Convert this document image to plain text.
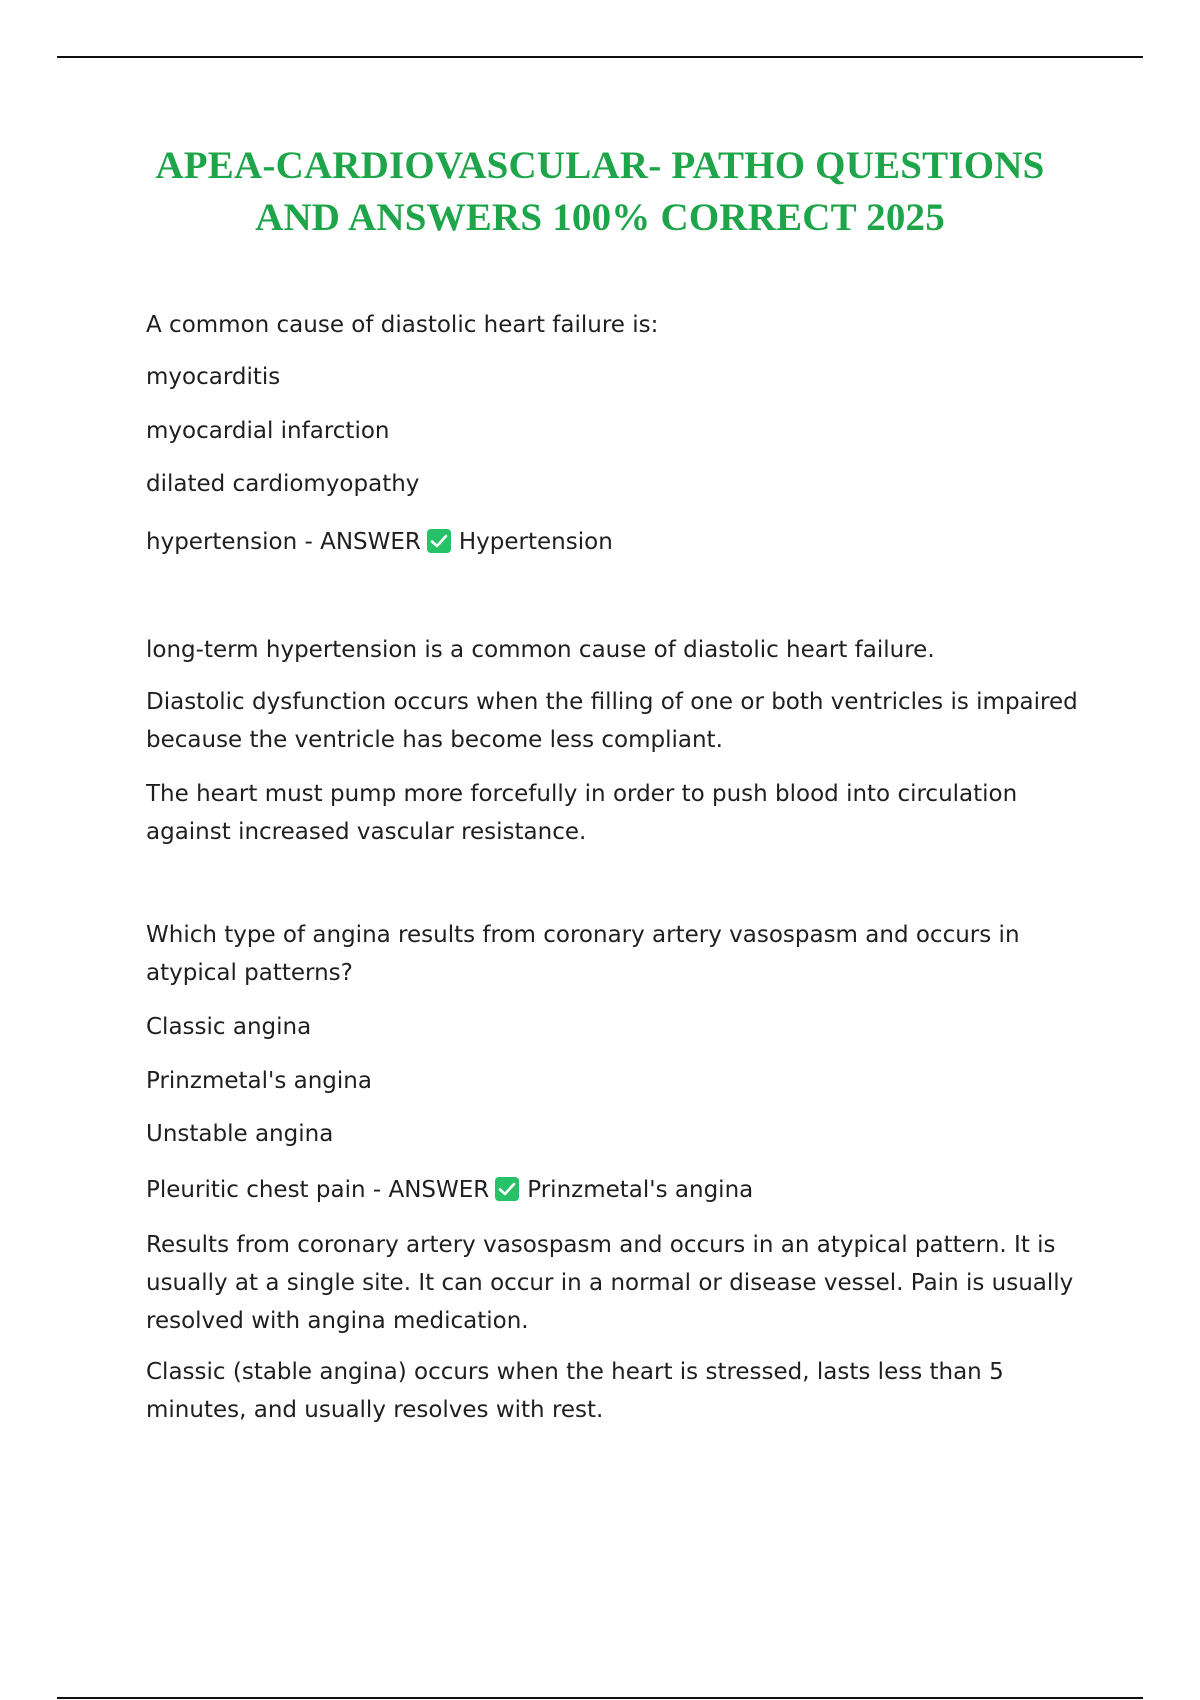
APEA-CARDIOVASCULAR- PATHO QUESTIONS
AND ANSWERS 100% CORRECT 2025

A common cause of diastolic heart failure is:

myocarditis

myocardial infarction

dilated cardiomyopathy

hypertension - ANSWER Hypertension

long-term hypertension is a common cause of diastolic heart failure.

Diastolic dysfunction occurs when the filling of one or both ventricles is impaired because the ventricle has become less compliant.

The heart must pump more forcefully in order to push blood into circulation against increased vascular resistance.

Which type of angina results from coronary artery vasospasm and occurs in atypical patterns?

Classic angina

Prinzmetal's angina

Unstable angina

Pleuritic chest pain - ANSWER Prinzmetal's angina

Results from coronary artery vasospasm and occurs in an atypical pattern. It is usually at a single site. It can occur in a normal or disease vessel. Pain is usually resolved with angina medication.

Classic (stable angina) occurs when the heart is stressed, lasts less than 5 minutes, and usually resolves with rest.
